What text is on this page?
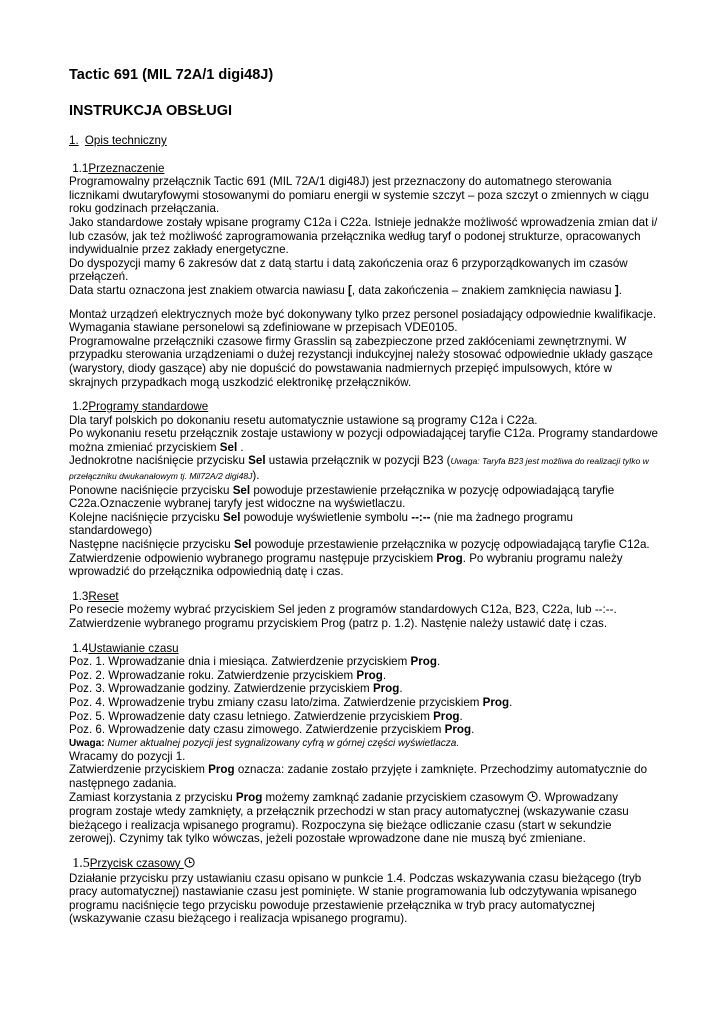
Tactic 691 (MIL 72A/1 digi48J)
INSTRUKCJA OBSŁUGI
1. Opis techniczny
1.1Przeznaczenie

Programowalny przełącznik Tactic 691 (MIL 72A/1 digi48J) jest przeznaczony do automatnego sterowania licznikami dwutaryfowymi stosowanymi do pomiaru energii w systemie szczyt – poza szczyt o zmiennych w ciągu roku godzinach przełączania.

Jako standardowe zostały wpisane programy C12a i C22a. Istnieje jednakże możliwość wprowadzenia zmian dat i/ lub czasów, jak też możliwość zaprogramowania przełącznika według taryf o podonej strukturze, opracowanych indywidualnie przez zakłady energetyczne.

Do dyspozycji mamy 6 zakresów dat z datą startu i datą zakończenia oraz 6 przyporządkowanych im czasów przełączeń.

Data startu oznaczona jest znakiem otwarcia nawiasu [, data zakończenia – znakiem zamknięcia nawiasu ].

Montaż urządzeń elektrycznych może być dokonywany tylko przez personel posiadający odpowiednie kwalifikacje. Wymagania stawiane personelowi są zdefiniowane w przepisach VDE0105.

Programowalne przełączniki czasowe firmy Grasslin są zabezpieczone przed zakłóceniami zewnętrznymi. W przypadku sterowania urządzeniami o dużej rezystancji indukcyjnej należy stosować odpowiednie układy gaszące (warystory, diody gaszące) aby nie dopuścić do powstawania nadmiernych przepięć impulsowych, które w skrajnych przypadkach mogą uszkodzić elektronikę przełączników.

1.2Programy standardowe

Dla taryf polskich po dokonaniu resetu automatycznie ustawione są programy C12a i C22a.

Po wykonaniu resetu przełącznik zostaje ustawiony w pozycji odpowiadającej taryfie C12a. Programy standardowe można zmieniać przyciskiem Sel .

Jednokrotne naciśnięcie przycisku Sel ustawia przełącznik w pozycji B23 (Uwaga: Taryfa B23 jest możliwa do realizacji tylko w przełączniku dwukanałowym tj. Mil72A/2 digi48J).

Ponowne naciśnięcie przycisku Sel powoduje przestawienie przełącznika w pozycję odpowiadającą taryfie C22a.Oznaczenie wybranej taryfy jest widoczne na wyświetlaczu.

Kolejne naciśnięcie przycisku Sel powoduje wyświetlenie symbolu --:-- (nie ma żadnego programu standardowego)

Następne naciśnięcie przycisku Sel powoduje przestawienie przełącznika w pozycję odpowiadającą taryfie C12a.

Zatwierdzenie odpowienio wybranego programu następuje przyciskiem Prog. Po wybraniu programu należy wprowadzić do przełącznika odpowiednią datę i czas.

1.3Reset

Po resecie możemy wybrać przyciskiem Sel jeden z programów standardowych C12a, B23, C22a, lub --:--. Zatwierdzenie wybranego programu przyciskiem Prog (patrz p. 1.2). Nastęnie należy ustawić datę i czas.

1.4Ustawianie czasu

Poz. 1. Wprowadzanie dnia i miesiąca. Zatwierdzenie przyciskiem Prog.

Poz. 2. Wprowadzanie roku. Zatwierdzenie przyciskiem Prog.

Poz. 3. Wprowadzanie godziny. Zatwierdzenie przyciskiem Prog.

Poz. 4. Wprowadzenie trybu zmiany czasu lato/zima. Zatwierdzenie przyciskiem Prog.

Poz. 5. Wprowadzenie daty czasu letniego. Zatwierdzenie przyciskiem Prog.

Poz. 6. Wprowadzenie daty czasu zimowego. Zatwierdzenie przyciskiem Prog.

Uwaga: Numer aktualnej pozycji jest sygnalizowany cyfrą w górnej części wyświetlacza.

Wracamy do pozycji 1.

Zatwierdzenie przyciskiem Prog oznacza: zadanie zostało przyjęte i zamknięte. Przechodzimy automatycznie do następnego zadania.

Zamiast korzystania z przycisku Prog możemy zamknąć zadanie przyciskiem czasowym . Wprowadzany program zostaje wtedy zamknięty, a przełącznik przechodzi w stan pracy automatycznej (wskazywanie czasu bieżącego i realizacja wpisanego programu). Rozpoczyna się bieżące odliczanie czasu (start w sekundzie zerowej). Czynimy tak tylko wówczas, jeżeli pozostałe wprowadzone dane nie muszą być zmieniane.

1.5Przycisk czasowy

Działanie przycisku przy ustawianiu czasu opisano w punkcie 1.4. Podczas wskazywania czasu bieżącego (tryb pracy automatycznej) nastawianie czasu jest pominięte. W stanie programowania lub odczytywania wpisanego programu naciśnięcie tego przycisku powoduje przestawienie przełącznika w tryb pracy automatycznej (wskazywanie czasu bieżącego i realizacja wpisanego programu).
